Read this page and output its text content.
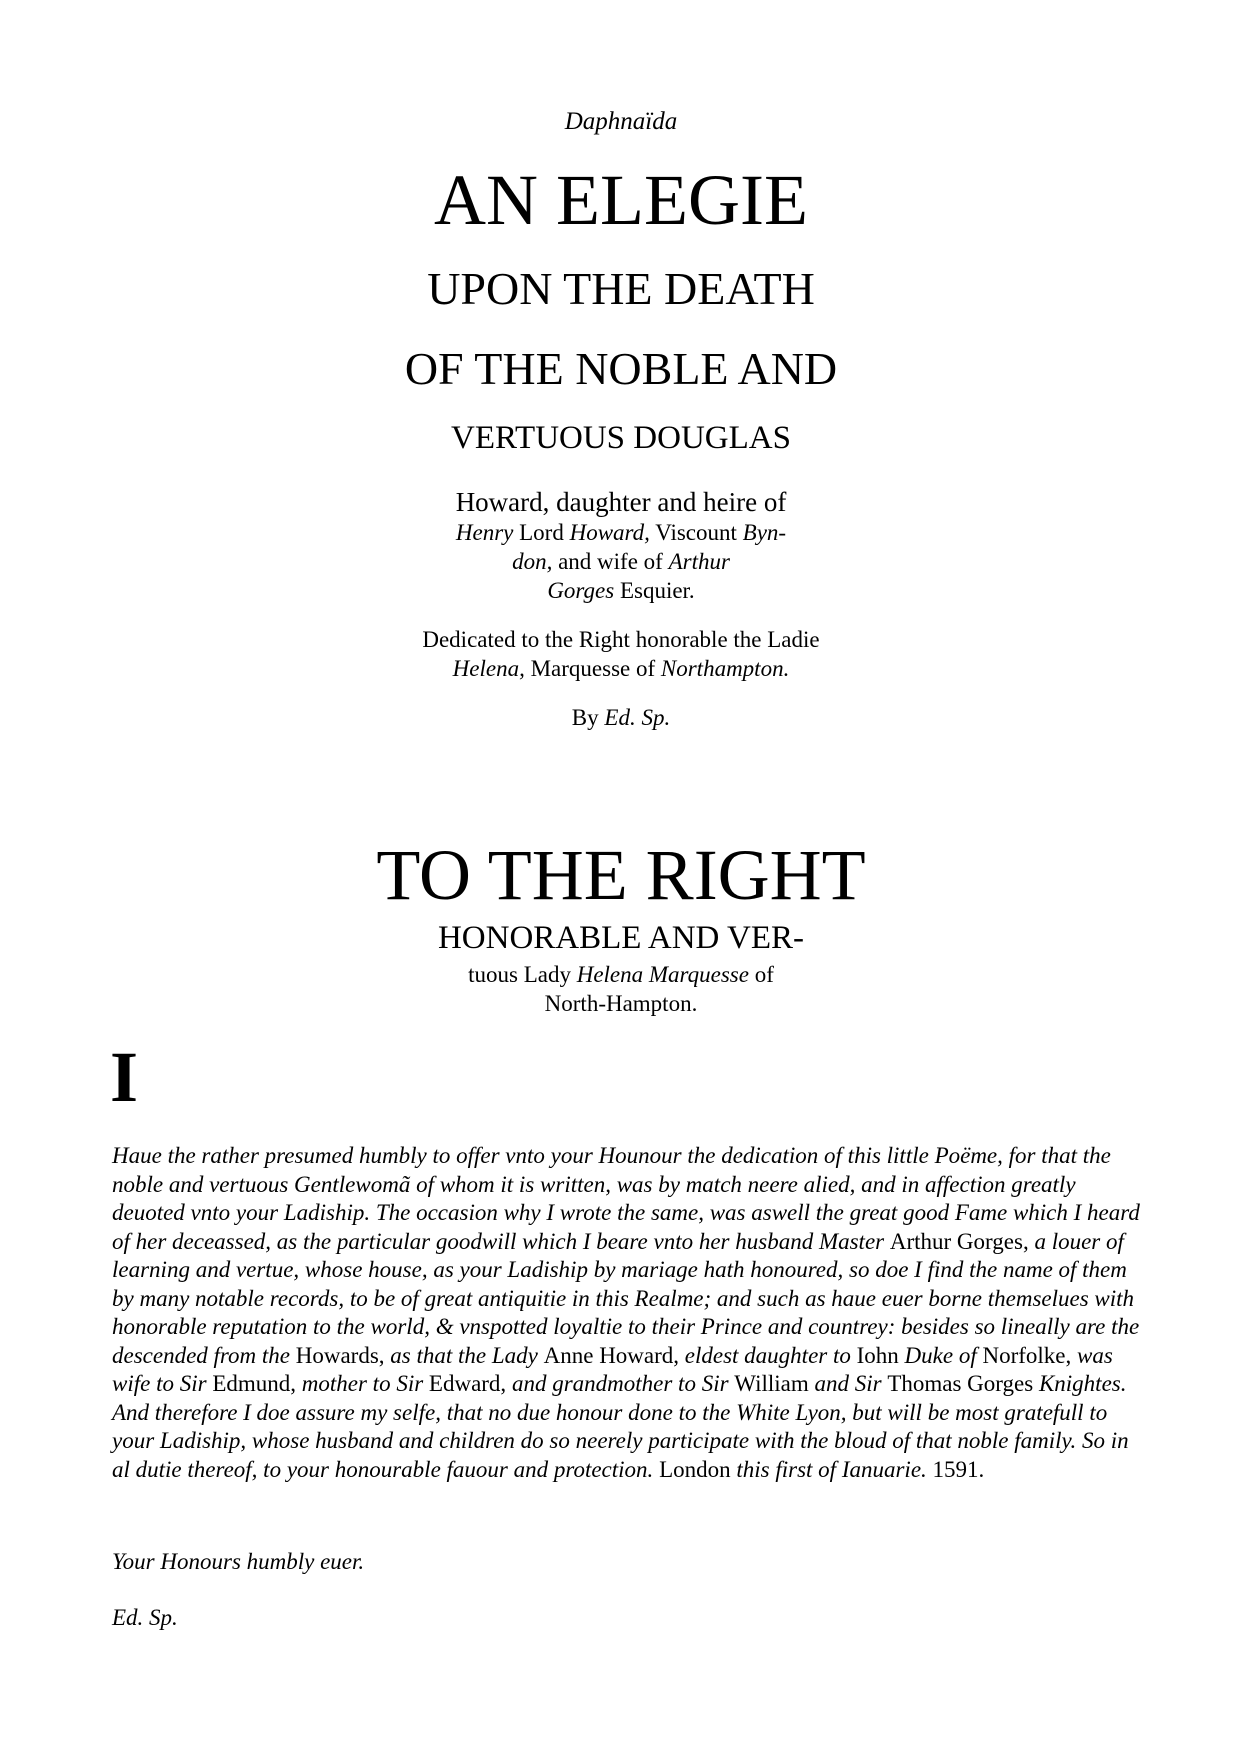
Daphnaïda
AN ELEGIE
UPON THE DEATH
OF THE NOBLE AND
VERTUOUS DOUGLAS
Howard, daughter and heire of
Henry Lord Howard, Viscount Byn-
don, and wife of Arthur
Gorges Esquier.
Dedicated to the Right honorable the Ladie
Helena, Marquesse of Northampton.
By Ed. Sp.
TO THE RIGHT
HONORABLE AND VER-
tuous Lady Helena Marquesse of
North-Hampton.
I
Haue the rather presumed humbly to offer vnto your Hounour the dedication of this little Poëme, for that the noble and vertuous Gentlewomã of whom it is written, was by match neere alied, and in affection greatly deuoted vnto your Ladiship. The occasion why I wrote the same, was aswell the great good Fame which I heard of her deceassed, as the particular goodwill which I beare vnto her husband Master Arthur Gorges, a louer of learning and vertue, whose house, as your Ladiship by mariage hath honoured, so doe I find the name of them by many notable records, to be of great antiquitie in this Realme; and such as haue euer borne themselues with honorable reputation to the world, & vnspotted loyaltie to their Prince and countrey: besides so lineally are the descended from the Howards, as that the Lady Anne Howard, eldest daughter to Iohn Duke of Norfolke, was wife to Sir Edmund, mother to Sir Edward, and grandmother to Sir William and Sir Thomas Gorges Knightes. And therefore I doe assure my selfe, that no due honour done to the White Lyon, but will be most gratefull to your Ladiship, whose husband and children do so neerely participate with the bloud of that noble family. So in al dutie thereof, to your honourable fauour and protection. London this first of Ianuarie. 1591.
Your Honours humbly euer.
Ed. Sp.
